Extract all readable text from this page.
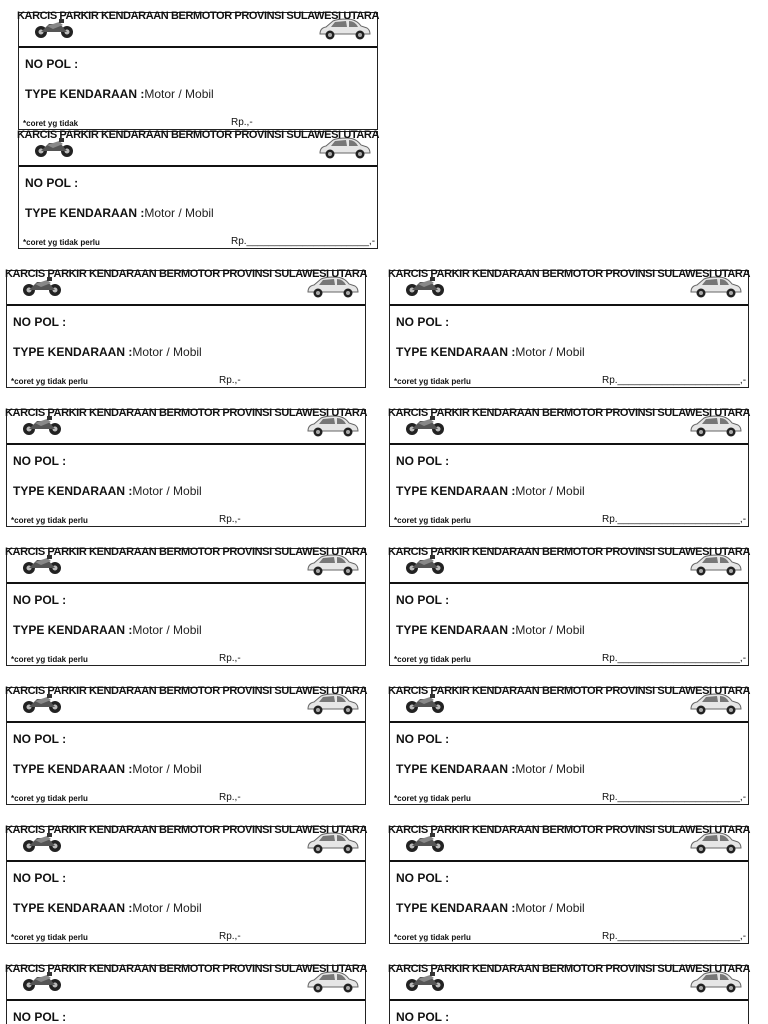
KARCIS PARKIR KENDARAAN BERMOTOR PROVINSI SULAWESI UTARA
NO POL :
TYPE KENDARAAN :Motor / Mobil
*coret yg tidak	Rp.,-
KARCIS PARKIR KENDARAAN BERMOTOR PROVINSI SULAWESI UTARA
NO POL :
TYPE KENDARAAN :Motor / Mobil
*coret yg tidak perlu	Rp.______________________,-
KARCIS PARKIR KENDARAAN BERMOTOR PROVINSI SULAWESI UTARA
NO POL :
TYPE KENDARAAN :Motor / Mobil
*coret yg tidak perlu	Rp.,-
KARCIS PARKIR KENDARAAN BERMOTOR PROVINSI SULAWESI UTARA
NO POL :
TYPE KENDARAAN :Motor / Mobil
*coret yg tidak perlu	Rp.______________________,-
KARCIS PARKIR KENDARAAN BERMOTOR PROVINSI SULAWESI UTARA
NO POL :
TYPE KENDARAAN :Motor / Mobil
*coret yg tidak perlu	Rp.,-
KARCIS PARKIR KENDARAAN BERMOTOR PROVINSI SULAWESI UTARA
NO POL :
TYPE KENDARAAN :Motor / Mobil
*coret yg tidak perlu	Rp.______________________,-
KARCIS PARKIR KENDARAAN BERMOTOR PROVINSI SULAWESI UTARA
NO POL :
TYPE KENDARAAN :Motor / Mobil
*coret yg tidak perlu	Rp.,-
KARCIS PARKIR KENDARAAN BERMOTOR PROVINSI SULAWESI UTARA
NO POL :
TYPE KENDARAAN :Motor / Mobil
*coret yg tidak perlu	Rp.______________________,-
KARCIS PARKIR KENDARAAN BERMOTOR PROVINSI SULAWESI UTARA
NO POL :
TYPE KENDARAAN :Motor / Mobil
*coret yg tidak perlu	Rp.,-
KARCIS PARKIR KENDARAAN BERMOTOR PROVINSI SULAWESI UTARA
NO POL :
TYPE KENDARAAN :Motor / Mobil
*coret yg tidak perlu	Rp.______________________,-
KARCIS PARKIR KENDARAAN BERMOTOR PROVINSI SULAWESI UTARA
NO POL :
TYPE KENDARAAN :Motor / Mobil
*coret yg tidak perlu	Rp.,-
KARCIS PARKIR KENDARAAN BERMOTOR PROVINSI SULAWESI UTARA
NO POL :
TYPE KENDARAAN :Motor / Mobil
*coret yg tidak perlu	Rp.______________________,-
KARCIS PARKIR KENDARAAN BERMOTOR PROVINSI SULAWESI UTARA
NO POL :
KARCIS PARKIR KENDARAAN BERMOTOR PROVINSI SULAWESI UTARA
NO POL :
